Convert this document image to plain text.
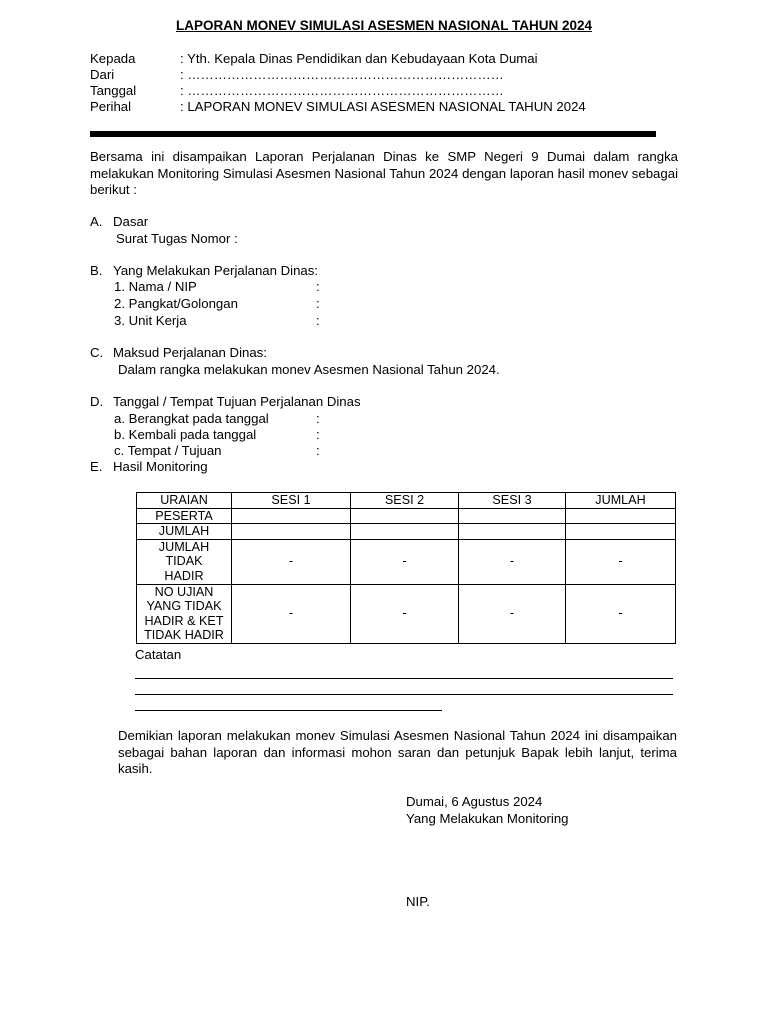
LAPORAN MONEV SIMULASI ASESMEN NASIONAL TAHUN 2024
Kepada	: Yth. Kepala Dinas Pendidikan dan Kebudayaan Kota Dumai
Dari	: ………………………………………………………………
Tanggal	: ………………………………………………………………
Perihal	: LAPORAN MONEV SIMULASI ASESMEN NASIONAL TAHUN 2024
Bersama ini disampaikan Laporan Perjalanan Dinas ke SMP Negeri 9 Dumai dalam rangka melakukan Monitoring Simulasi Asesmen Nasional Tahun 2024 dengan laporan hasil monev sebagai berikut :
A. Dasar
Surat Tugas Nomor :
B. Yang Melakukan Perjalanan Dinas:
1. Nama / NIP	:
2. Pangkat/Golongan	:
3. Unit Kerja	:
C. Maksud Perjalanan Dinas:
Dalam rangka melakukan monev Asesmen Nasional Tahun 2024.
D. Tanggal / Tempat Tujuan Perjalanan Dinas
a. Berangkat pada tanggal	:
b. Kembali pada tanggal	:
c. Tempat / Tujuan	:
E. Hasil Monitoring
URAIAN	SESI 1	SESI 2	SESI 3	JUMLAH
PESERTA				
JUMLAH				
JUMLAH TIDAK HADIR	-	-	-	-
NO UJIAN YANG TIDAK HADIR & KET TIDAK HADIR	-	-	-	-
Catatan
Demikian laporan melakukan monev Simulasi Asesmen Nasional Tahun 2024 ini disampaikan sebagai bahan laporan dan informasi mohon saran dan petunjuk Bapak lebih lanjut, terima kasih.
Dumai, 6 Agustus 2024
Yang Melakukan Monitoring
NIP.
